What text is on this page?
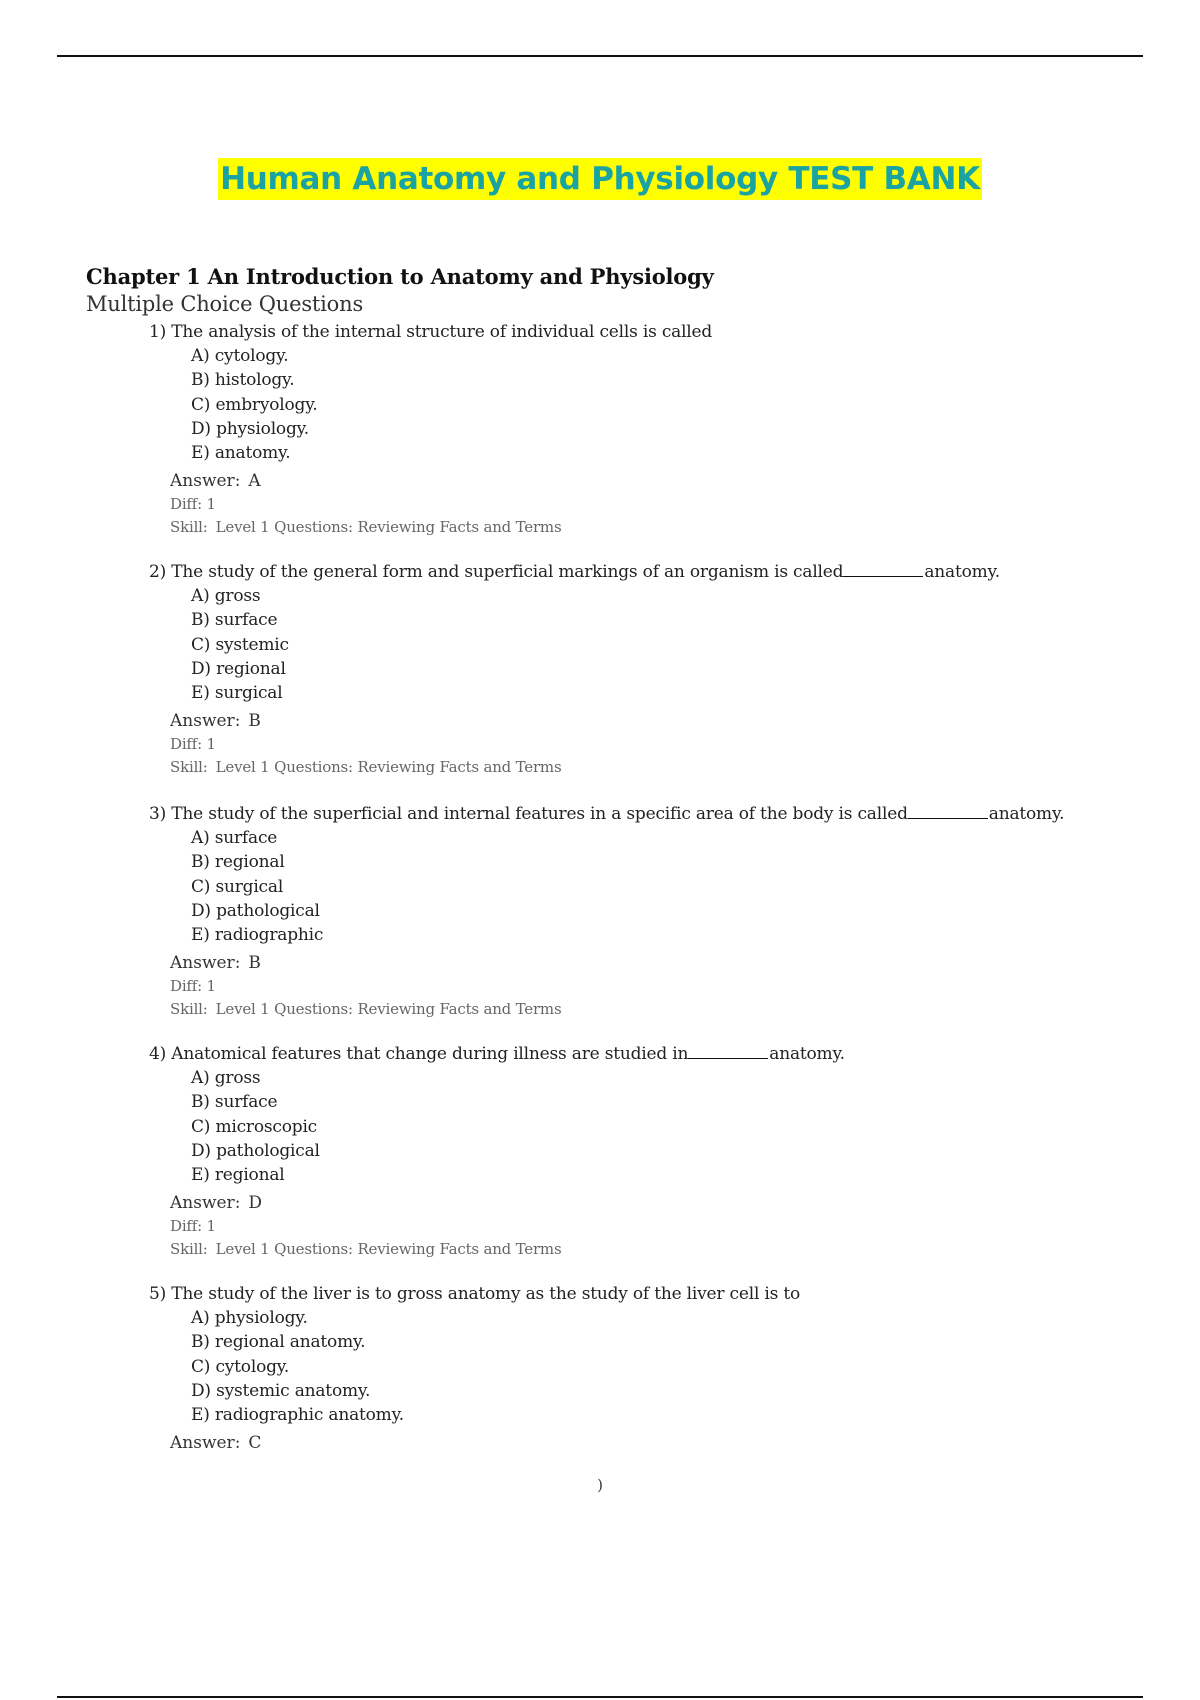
Human Anatomy and Physiology TEST BANK
Chapter 1 An Introduction to Anatomy and Physiology
Multiple Choice Questions
1) The analysis of the internal structure of individual cells is called
A) cytology.
B) histology.
C) embryology.
D) physiology.
E) anatomy.
Answer: A
Diff: 1
Skill: Level 1 Questions: Reviewing Facts and Terms
2) The study of the general form and superficial markings of an organism is called	anatomy.
A) gross
B) surface
C) systemic
D) regional
E) surgical
Answer: B
Diff: 1
Skill: Level 1 Questions: Reviewing Facts and Terms
3) The study of the superficial and internal features in a specific area of the body is called	anatomy.
A) surface
B) regional
C) surgical
D) pathological
E) radiographic
Answer: B
Diff: 1
Skill: Level 1 Questions: Reviewing Facts and Terms
4) Anatomical features that change during illness are studied in	anatomy.
A) gross
B) surface
C) microscopic
D) pathological
E) regional
Answer: D
Diff: 1
Skill: Level 1 Questions: Reviewing Facts and Terms
5) The study of the liver is to gross anatomy as the study of the liver cell is to
A) physiology.
B) regional anatomy.
C) cytology.
D) systemic anatomy.
E) radiographic anatomy.
Answer: C
)
